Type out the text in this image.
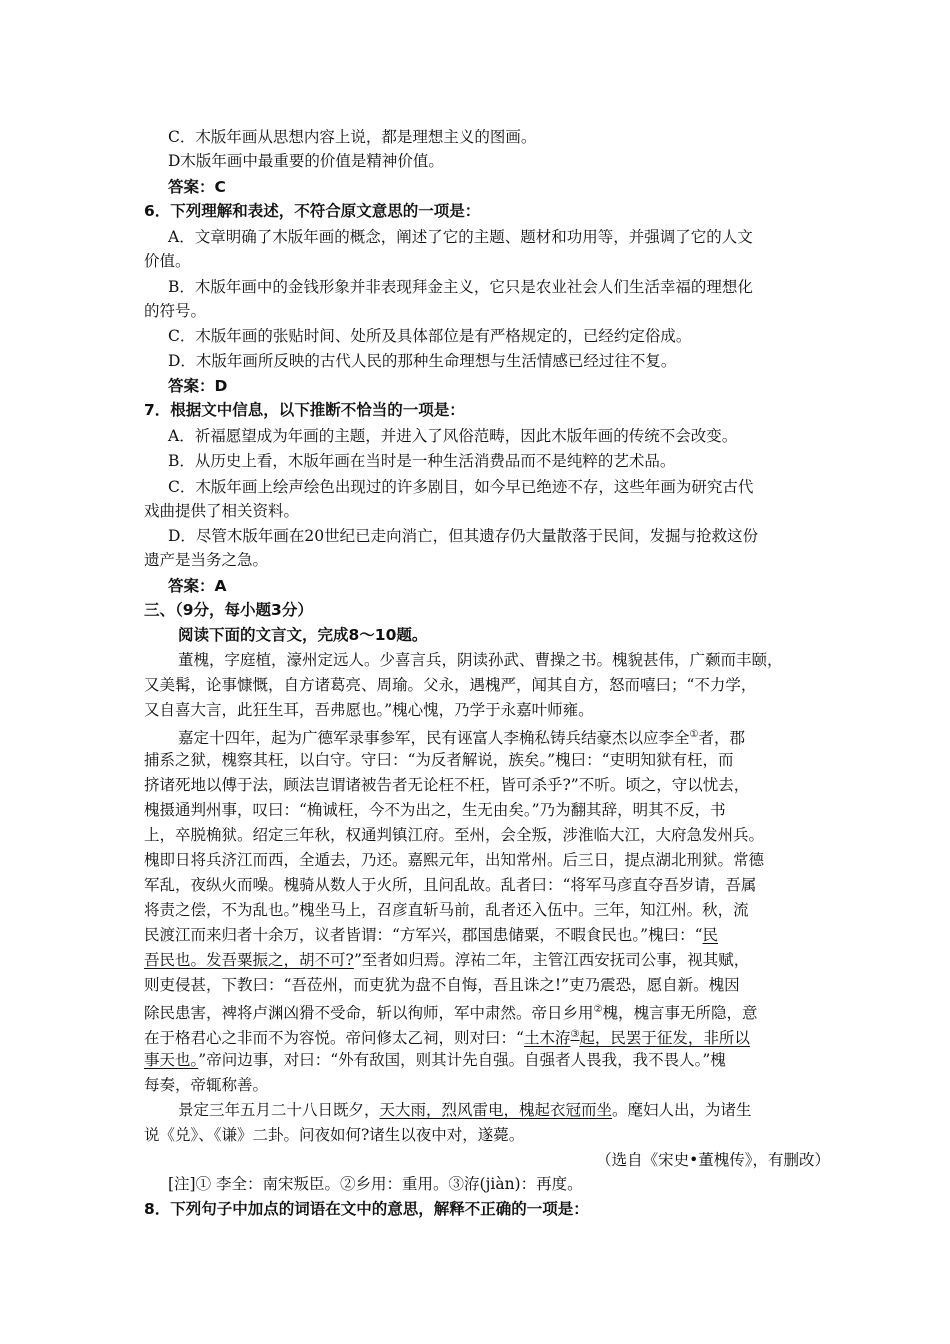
C．木版年画从思想内容上说，都是理想主义的图画。
D木版年画中最重要的价值是精神价值。
答案：C
6．下列理解和表述，不符合原文意思的一项是：
A．文章明确了木版年画的概念，阐述了它的主题、题材和功用等，并强调了它的人文
价值。
B．木版年画中的金钱形象并非表现拜金主义，它只是农业社会人们生活幸福的理想化
的符号。
C．木版年画的张贴时间、处所及具体部位是有严格规定的，已经约定俗成。
D．木版年画所反映的古代人民的那种生命理想与生活情感已经过往不复。
答案：D
7．根据文中信息，以下推断不恰当的一项是：
A．祈福愿望成为年画的主题，并进入了风俗范畴，因此木版年画的传统不会改变。
B．从历史上看，木版年画在当时是一种生活消费品而不是纯粹的艺术品。
C．木版年画上绘声绘色出现过的许多剧目，如今早已绝迹不存，这些年画为研究古代
戏曲提供了相关资料。
D．尽管木版年画在20世纪已走向消亡，但其遗存仍大量散落于民间，发掘与抢救这份
遗产是当务之急。
答案：A
三、（9分，每小题3分）
阅读下面的文言文，完成8～10题。
董槐，字庭植，濠州定远人。少喜言兵，阴读孙武、曹操之书。槐貌甚伟，广颡而丰颐，
又美髯，论事慷慨，自方诸葛亮、周瑜。父永，遇槐严，闻其自方，怒而嘻曰；“不力学，
又自喜大言，此狂生耳，吾弗愿也。”槐心愧，乃学于永嘉叶师雍。
嘉定十四年，起为广德军录事参军，民有诬富人李桷私铸兵结豪杰以应李全①者，郡
捕系之狱，槐察其枉，以白守。守曰：“为反者解说，族矣。”槐曰：“吏明知狱有枉，而
挤诸死地以傅于法，顾法岂谓诸被告者无论枉不枉，皆可杀乎?”不听。顷之，守以忧去，
槐摄通判州事，叹曰：“桷诚枉，今不为出之，生无由矣。”乃为翻其辞，明其不反，书
上，卒脱桷狱。绍定三年秋，权通判镇江府。至州，会全叛，涉淮临大江，大府急发州兵。
槐即日将兵济江而西，全遁去，乃还。嘉熙元年，出知常州。后三日，提点湖北刑狱。常德
军乱，夜纵火而噪。槐骑从数人于火所，且问乱故。乱者曰：“将军马彦直夺吾岁请，吾属
将责之偿，不为乱也。”槐坐马上，召彦直斩马前，乱者还入伍中。三年，知江州。秋，流
民渡江而来归者十余万，议者皆谓：“方军兴，郡国患储粟，不暇食民也。”槐曰：“民
吾民也。发吾粟振之，胡不可?”至者如归焉。淳祐二年，主管江西安抚司公事，视其赋，
则吏侵甚，下教曰：“吾莅州，而吏犹为盘不自悔，吾且诛之!”吏乃震恐，愿自新。槐因
除民患害，裨将卢渊凶猾不受命，斩以徇师，军中肃然。帝日乡用②槐，槐言事无所隐，意
在于格君心之非而不为容悦。帝问修太乙祠，则对曰：“土木洊③起，民罢于征发，非所以
事天也。”帝问边事，对曰：“外有敌国，则其计先自强。自强者人畏我，我不畏人。”槐
每奏，帝辄称善。
景定三年五月二十八日既夕，天大雨，烈风雷电，槐起衣冠而坐。麾妇人出，为诸生
说《兑》、《谦》二卦。问夜如何?诸生以夜中对，遂薨。
（选自《宋史•董槐传》，有删改）
[注]① 李全：南宋叛臣。②乡用：重用。③洊(jiàn)：再度。
8．下列句子中加点的词语在文中的意思，解释不正确的一项是：
